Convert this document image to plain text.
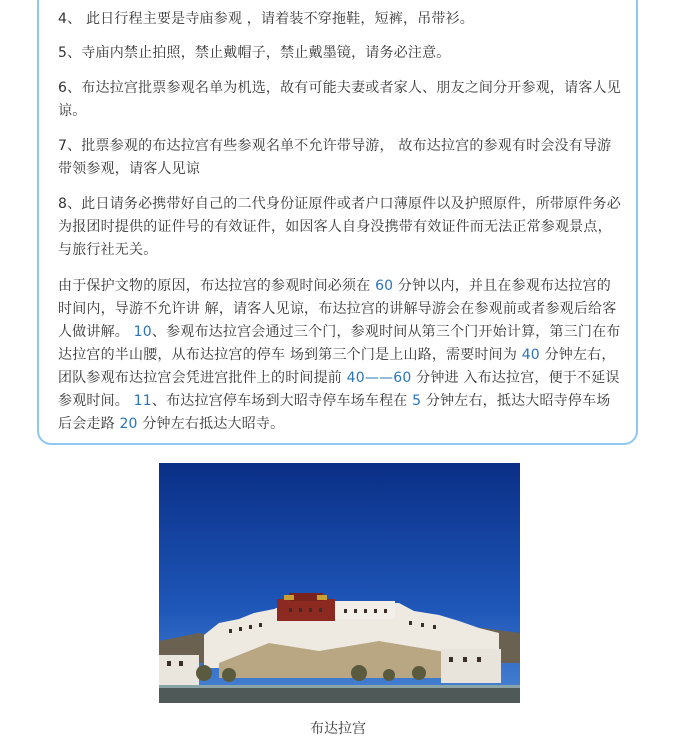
4、 此日行程主要是寺庙参观 ，请着装不穿拖鞋，短裤，吊带衫。

5、寺庙内禁止拍照，禁止戴帽子，禁止戴墨镜，请务必注意。

6、布达拉宫批票参观名单为机选，故有可能夫妻或者家人、朋友之间分开参观，请客人见谅。

7、批票参观的布达拉宫有些参观名单不允许带导游， 故布达拉宫的参观有时会没有导游带领参观，请客人见谅

8、此日请务必携带好自己的二代身份证原件或者户口薄原件以及护照原件，所带原件务必为报团时提供的证件号的有效证件，如因客人自身没携带有效证件而无法正常参观景点，与旅行社无关。

由于保护文物的原因，布达拉宫的参观时间必须在 60 分钟以内，并且在参观布达拉宫的时间内，导游不允许讲 解，请客人见谅，布达拉宫的讲解导游会在参观前或者参观后给客人做讲解。 10、参观布达拉宫会通过三个门，参观时间从第三个门开始计算，第三门在布达拉宫的半山腰，从布达拉宫的停车 场到第三个门是上山路，需要时间为 40 分钟左右，团队参观布达拉宫会凭进宫批件上的时间提前 40——60 分钟进 入布达拉宫，便于不延误参观时间。 11、布达拉宫停车场到大昭寺停车场车程在 5 分钟左右，抵达大昭寺停车场后会走路 20 分钟左右抵达大昭寺。

布达拉宫
